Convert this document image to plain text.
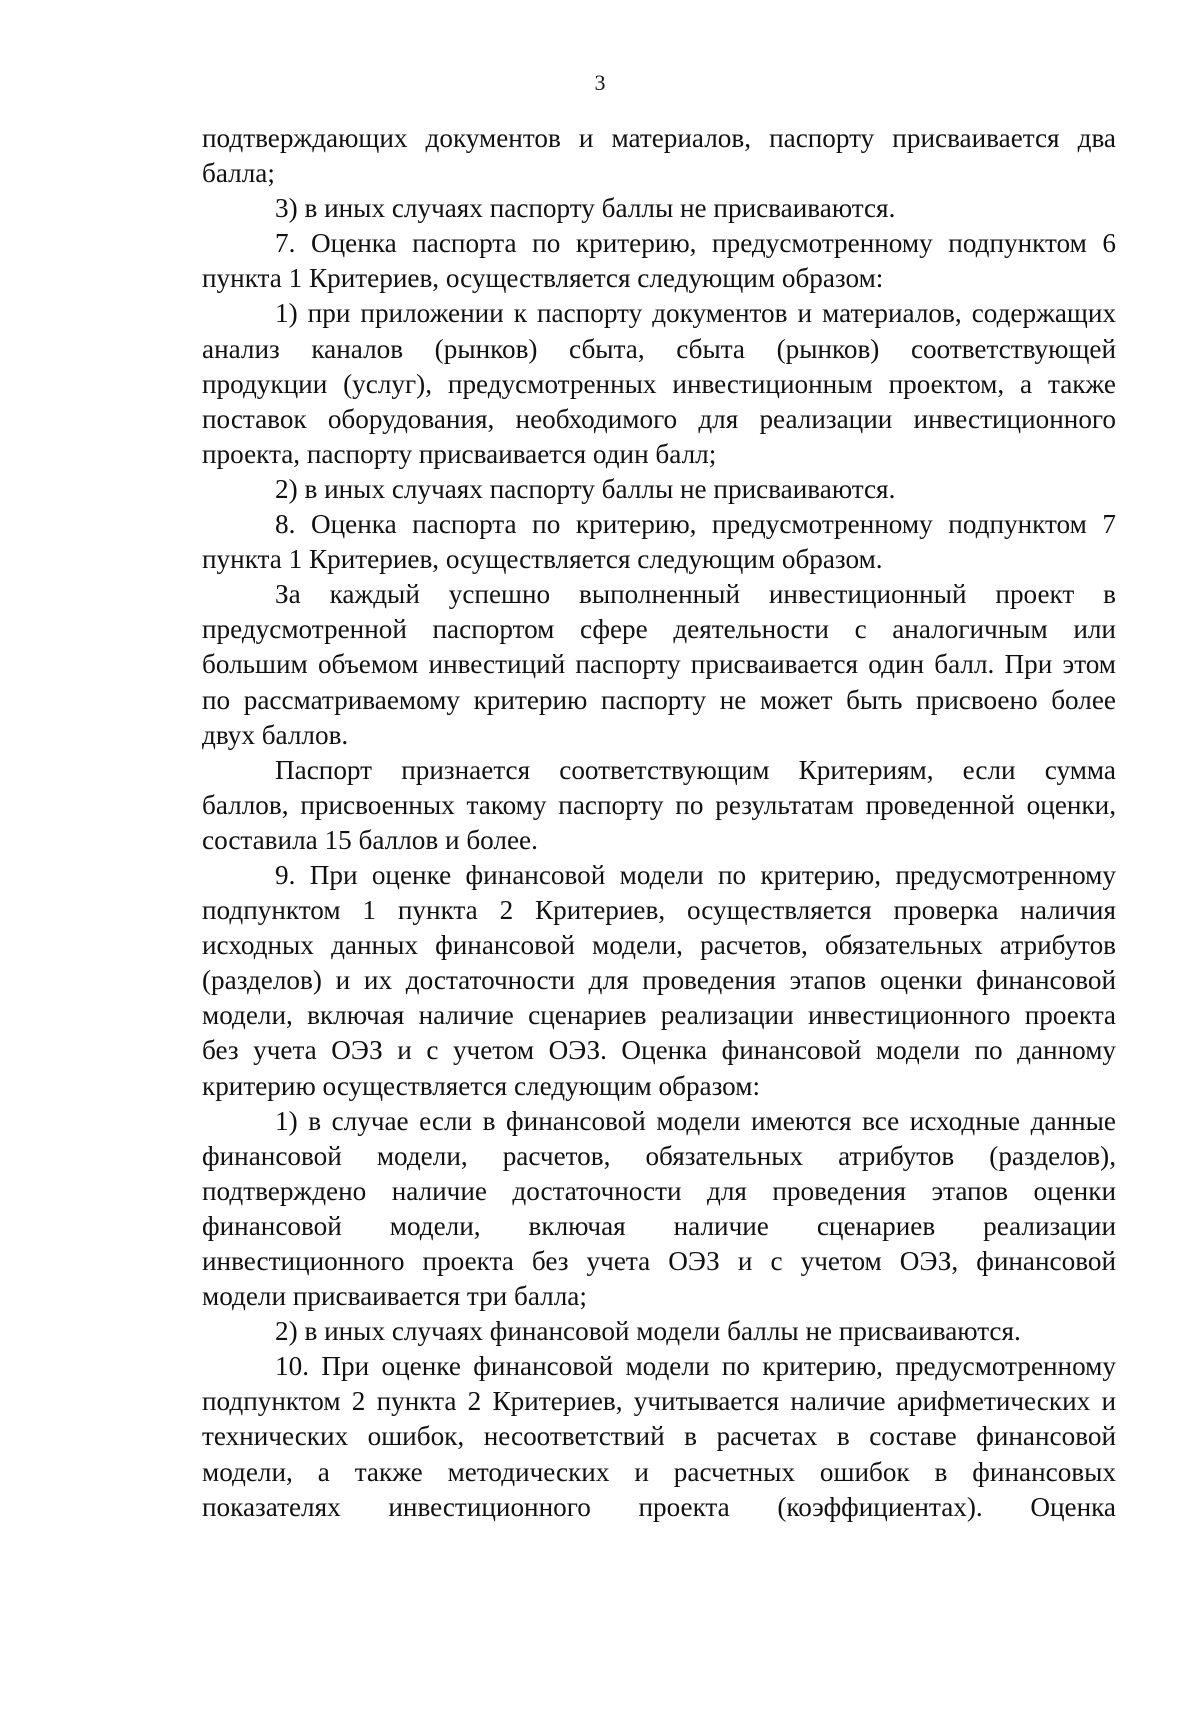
3
подтверждающих документов и материалов, паспорту присваивается два
балла;
3) в иных случаях паспорту баллы не присваиваются.
7. Оценка паспорта по критерию, предусмотренному подпунктом 6
пункта 1 Критериев, осуществляется следующим образом:
1) при приложении к паспорту документов и материалов, содержащих
анализ каналов (рынков) сбыта, сбыта (рынков) соответствующей
продукции (услуг), предусмотренных инвестиционным проектом, а также
поставок оборудования, необходимого для реализации инвестиционного
проекта, паспорту присваивается один балл;
2) в иных случаях паспорту баллы не присваиваются.
8. Оценка паспорта по критерию, предусмотренному подпунктом 7
пункта 1 Критериев, осуществляется следующим образом.
За каждый успешно выполненный инвестиционный проект в
предусмотренной паспортом сфере деятельности с аналогичным или
большим объемом инвестиций паспорту присваивается один балл. При этом
по рассматриваемому критерию паспорту не может быть присвоено более
двух баллов.
Паспорт признается соответствующим Критериям, если сумма
баллов, присвоенных такому паспорту по результатам проведенной оценки,
составила 15 баллов и более.
9. При оценке финансовой модели по критерию, предусмотренному
подпунктом 1 пункта 2 Критериев, осуществляется проверка наличия
исходных данных финансовой модели, расчетов, обязательных атрибутов
(разделов) и их достаточности для проведения этапов оценки финансовой
модели, включая наличие сценариев реализации инвестиционного проекта
без учета ОЭЗ и с учетом ОЭЗ. Оценка финансовой модели по данному
критерию осуществляется следующим образом:
1) в случае если в финансовой модели имеются все исходные данные
финансовой модели, расчетов, обязательных атрибутов (разделов),
подтверждено наличие достаточности для проведения этапов оценки
финансовой модели, включая наличие сценариев реализации
инвестиционного проекта без учета ОЭЗ и с учетом ОЭЗ, финансовой
модели присваивается три балла;
2) в иных случаях финансовой модели баллы не присваиваются.
10. При оценке финансовой модели по критерию, предусмотренному
подпунктом 2 пункта 2 Критериев, учитывается наличие арифметических и
технических ошибок, несоответствий в расчетах в составе финансовой
модели, а также методических и расчетных ошибок в финансовых
показателях инвестиционного проекта (коэффициентах). Оценка
